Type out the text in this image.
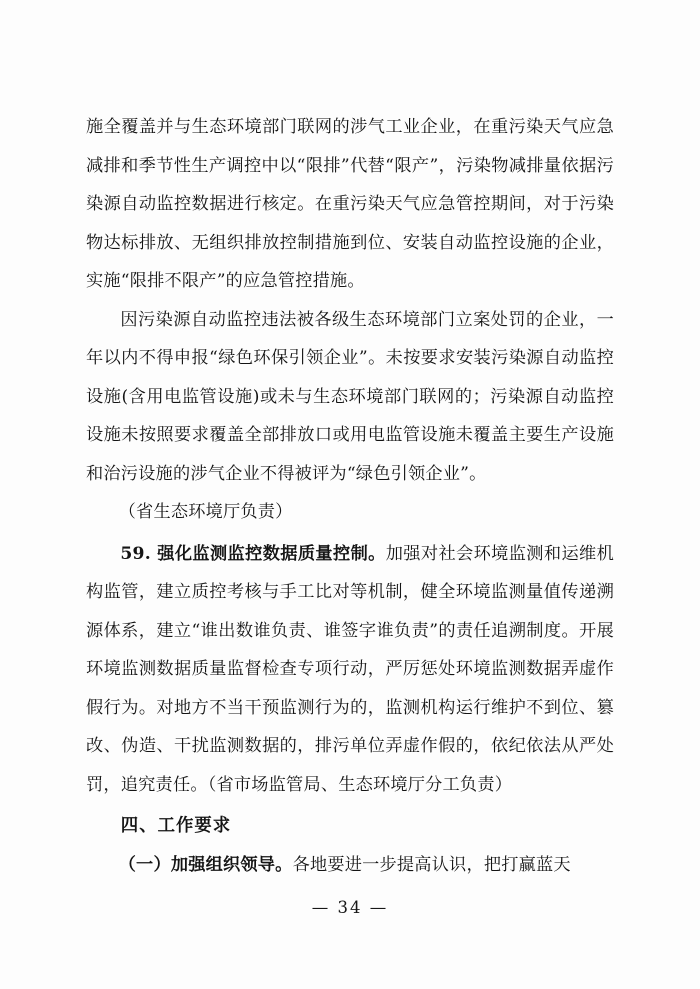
施全覆盖并与生态环境部门联网的涉气工业企业，在重污染天气应急减排和季节性生产调控中以“限排”代替“限产”，污染物减排量依据污染源自动监控数据进行核定。在重污染天气应急管控期间，对于污染物达标排放、无组织排放控制措施到位、安装自动监控设施的企业，实施“限排不限产”的应急管控措施。

因污染源自动监控违法被各级生态环境部门立案处罚的企业，一年以内不得申报“绿色环保引领企业”。未按要求安装污染源自动监控设施(含用电监管设施)或未与生态环境部门联网的；污染源自动监控设施未按照要求覆盖全部排放口或用电监管设施未覆盖主要生产设施和治污设施的涉气企业不得被评为“绿色引领企业”。

（省生态环境厅负责）

59. 强化监测监控数据质量控制。加强对社会环境监测和运维机构监管，建立质控考核与手工比对等机制，健全环境监测量值传递溯源体系，建立“谁出数谁负责、谁签字谁负责”的责任追溯制度。开展环境监测数据质量监督检查专项行动，严厉惩处环境监测数据弄虚作假行为。对地方不当干预监测行为的，监测机构运行维护不到位、篡改、伪造、干扰监测数据的，排污单位弄虚作假的，依纪依法从严处罚，追究责任。（省市场监管局、生态环境厅分工负责）

四、工作要求

（一）加强组织领导。各地要进一步提高认识，把打赢蓝天

— 34 —
